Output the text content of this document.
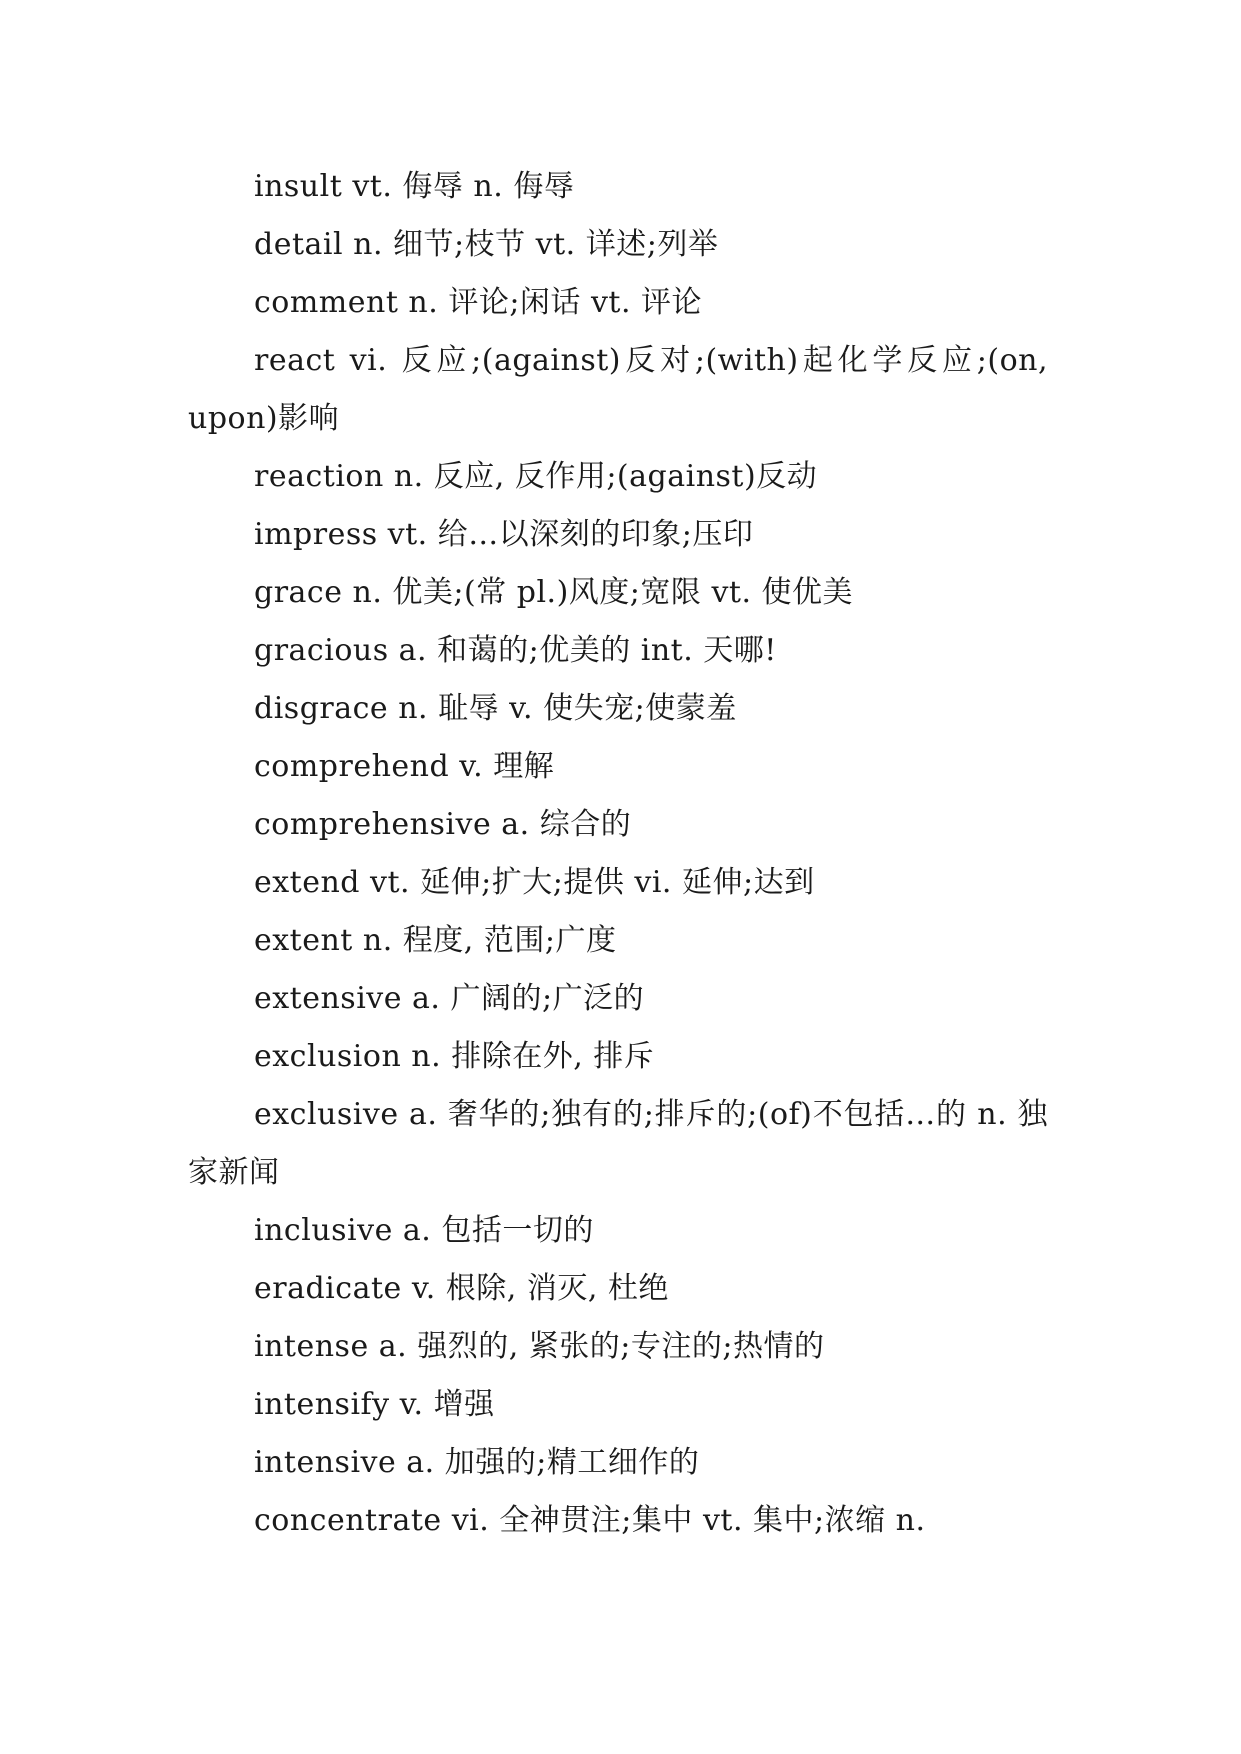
insult vt. 侮辱 n. 侮辱

detail n. 细节;枝节 vt. 详述;列举

comment n. 评论;闲话 vt. 评论

react vi. 反应;(against)反对;(with)起化学反应;(on, upon)影响

reaction n. 反应, 反作用;(against)反动

impress vt. 给…以深刻的印象;压印

grace n. 优美;(常 pl.)风度;宽限 vt. 使优美

gracious a. 和蔼的;优美的 int. 天哪!

disgrace n. 耻辱 v. 使失宠;使蒙羞

comprehend v. 理解

comprehensive a. 综合的

extend vt. 延伸;扩大;提供 vi. 延伸;达到

extent n. 程度, 范围;广度

extensive a. 广阔的;广泛的

exclusion n. 排除在外, 排斥

exclusive a. 奢华的;独有的;排斥的;(of)不包括…的 n. 独家新闻

inclusive a. 包括一切的

eradicate v. 根除, 消灭, 杜绝

intense a. 强烈的, 紧张的;专注的;热情的

intensify v. 增强

intensive a. 加强的;精工细作的

concentrate vi. 全神贯注;集中 vt. 集中;浓缩 n.
